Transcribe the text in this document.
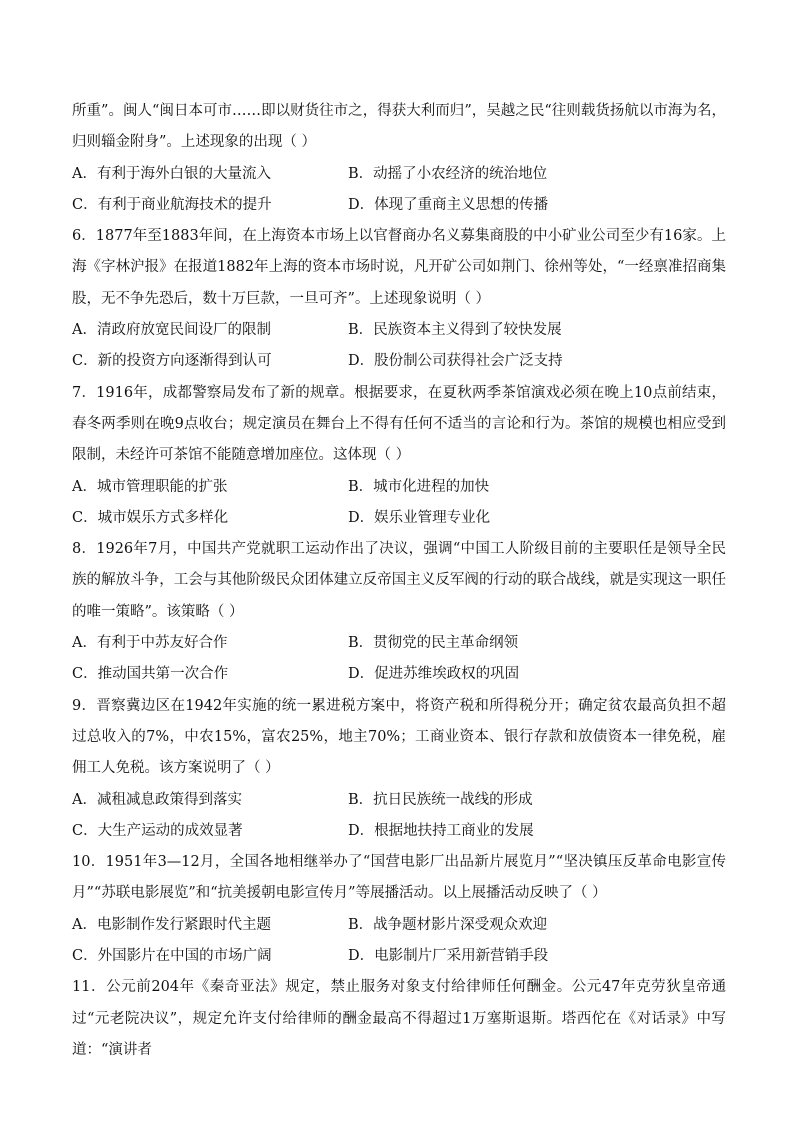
所重”。闽人“闽日本可市……即以财货往市之，得获大利而归”，吴越之民“往则载货扬航以市海为名，归则辎金附身”。上述现象的出现（ ）

A．有利于海外白银的大量流入	B．动摇了小农经济的统治地位
C．有利于商业航海技术的提升	D．体现了重商主义思想的传播

6．1877年至1883年间，在上海资本市场上以官督商办名义募集商股的中小矿业公司至少有16家。上海《字林沪报》在报道1882年上海的资本市场时说，凡开矿公司如荆门、徐州等处，“一经禀准招商集股，无不争先恐后，数十万巨款，一旦可齐”。上述现象说明（ ）

A．清政府放宽民间设厂的限制	B．民族资本主义得到了较快发展
C．新的投资方向逐渐得到认可	D．股份制公司获得社会广泛支持

7．1916年，成都警察局发布了新的规章。根据要求，在夏秋两季茶馆演戏必须在晚上10点前结束，春冬两季则在晚9点收台；规定演员在舞台上不得有任何不适当的言论和行为。茶馆的规模也相应受到限制，未经许可茶馆不能随意增加座位。这体现（ ）

A．城市管理职能的扩张	B．城市化进程的加快
C．城市娱乐方式多样化	D．娱乐业管理专业化

8．1926年7月，中国共产党就职工运动作出了决议，强调“中国工人阶级目前的主要职任是领导全民族的解放斗争，工会与其他阶级民众团体建立反帝国主义反军阀的行动的联合战线，就是实现这一职任的唯一策略”。该策略（ ）

A．有利于中苏友好合作	B．贯彻党的民主革命纲领
C．推动国共第一次合作	D．促进苏维埃政权的巩固

9．晋察冀边区在1942年实施的统一累进税方案中，将资产税和所得税分开；确定贫农最高负担不超过总收入的7%，中农15%，富农25%，地主70%；工商业资本、银行存款和放债资本一律免税，雇佣工人免税。该方案说明了（ ）

A．减租减息政策得到落实	B．抗日民族统一战线的形成
C．大生产运动的成效显著	D．根据地扶持工商业的发展

10．1951年3—12月，全国各地相继举办了“国营电影厂出品新片展览月”“坚决镇压反革命电影宣传月”“苏联电影展览”和“抗美援朝电影宣传月”等展播活动。以上展播活动反映了（ ）

A．电影制作发行紧跟时代主题	B．战争题材影片深受观众欢迎
C．外国影片在中国的市场广阔	D．电影制片厂采用新营销手段

11．公元前204年《秦奇亚法》规定，禁止服务对象支付给律师任何酬金。公元47年克劳狄皇帝通过“元老院决议”，规定允许支付给律师的酬金最高不得超过1万塞斯退斯。塔西佗在《对话录》中写道：“演讲者
